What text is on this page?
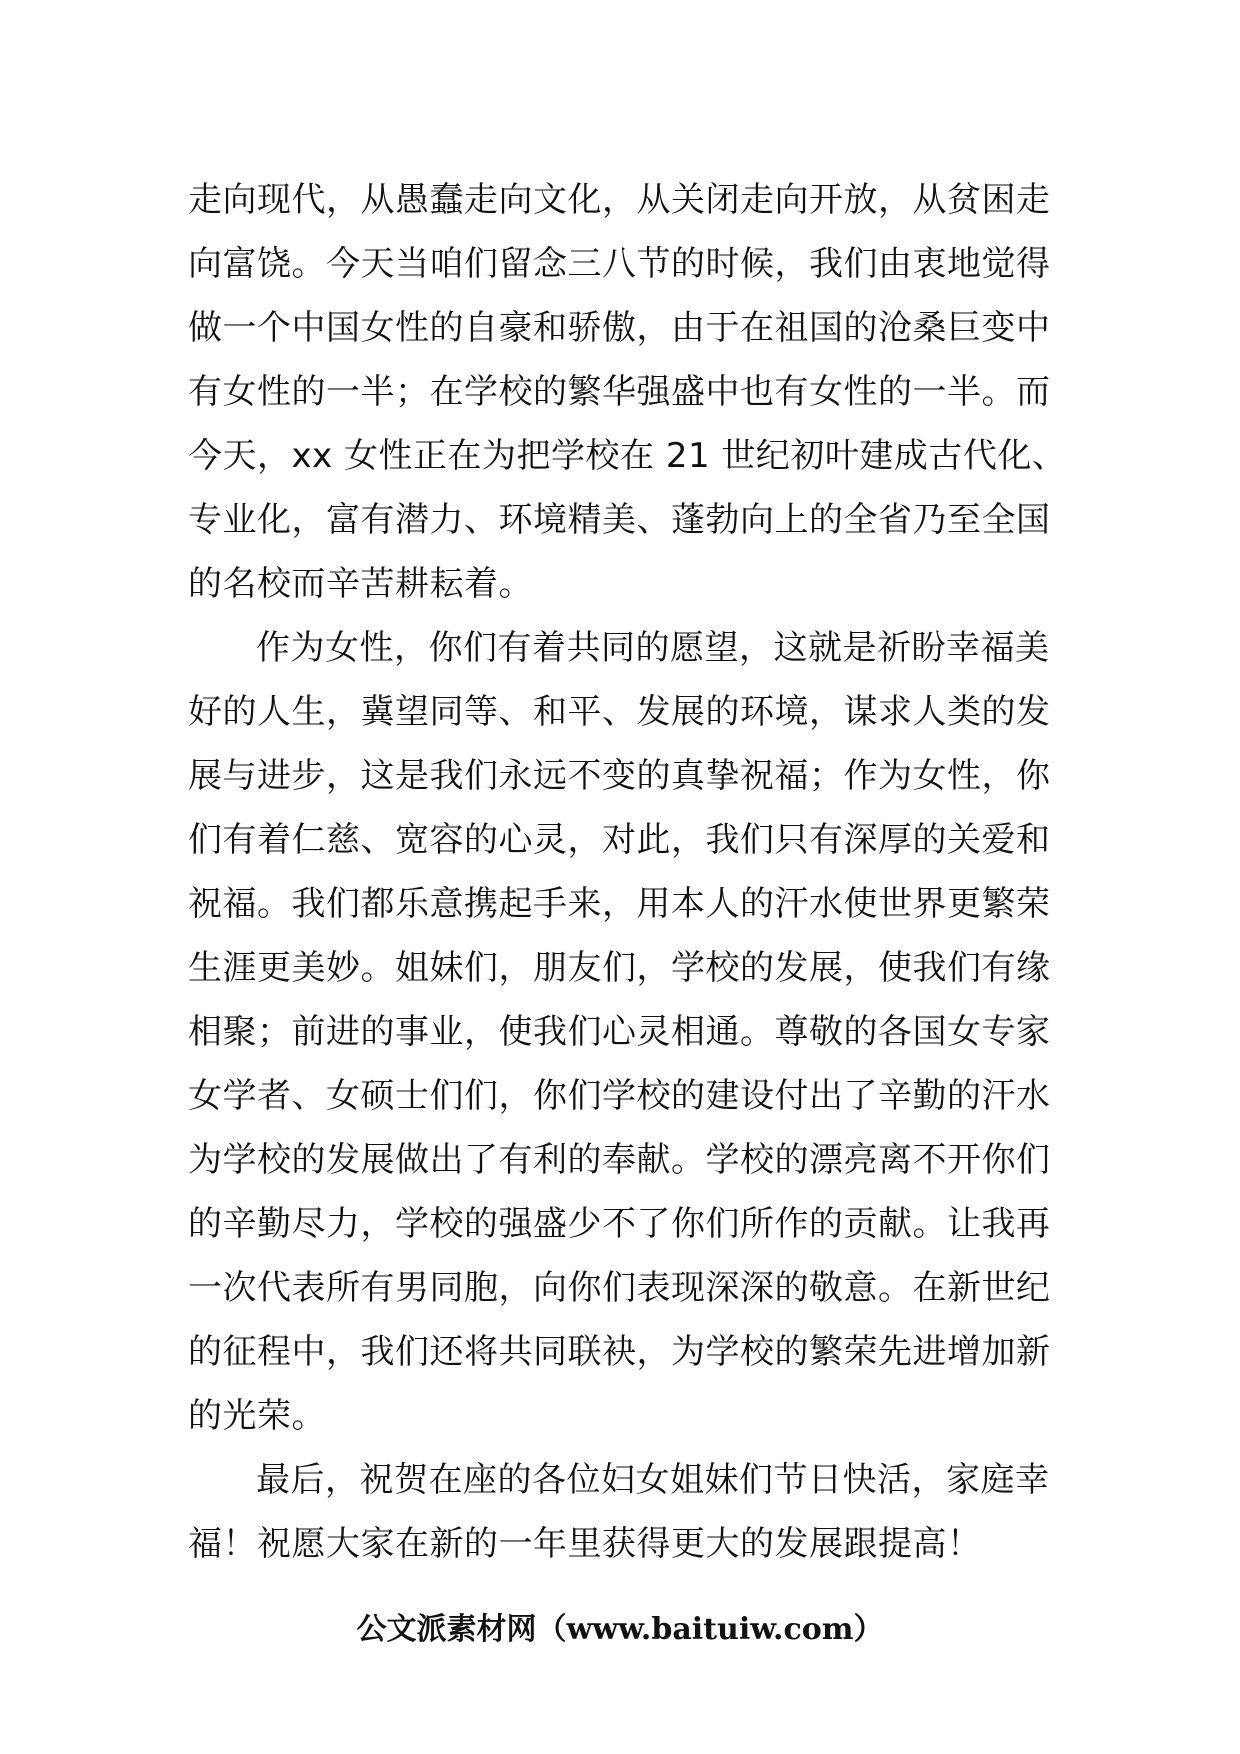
走向现代，从愚蠢走向文化，从关闭走向开放，从贫困走
向富饶。今天当咱们留念三八节的时候，我们由衷地觉得
做一个中国女性的自豪和骄傲，由于在祖国的沧桑巨变中
有女性的一半；在学校的繁华强盛中也有女性的一半。而
今天，xx 女性正在为把学校在 21 世纪初叶建成古代化、
专业化，富有潜力、环境精美、蓬勃向上的全省乃至全国
的名校而辛苦耕耘着。
作为女性，你们有着共同的愿望，这就是祈盼幸福美
好的人生，冀望同等、和平、发展的环境，谋求人类的发
展与进步，这是我们永远不变的真挚祝福；作为女性，你
们有着仁慈、宽容的心灵，对此，我们只有深厚的关爱和
祝福。我们都乐意携起手来，用本人的汗水使世界更繁荣
生涯更美妙。姐妹们，朋友们，学校的发展，使我们有缘
相聚；前进的事业，使我们心灵相通。尊敬的各国女专家
女学者、女硕士们们，你们学校的建设付出了辛勤的汗水
为学校的发展做出了有利的奉献。学校的漂亮离不开你们
的辛勤尽力，学校的强盛少不了你们所作的贡献。让我再
一次代表所有男同胞，向你们表现深深的敬意。在新世纪
的征程中，我们还将共同联袂，为学校的繁荣先进增加新
的光荣。
最后，祝贺在座的各位妇女姐妹们节日快活，家庭幸
福！祝愿大家在新的一年里获得更大的发展跟提高！
公文派素材网（www.baituiw.com）
